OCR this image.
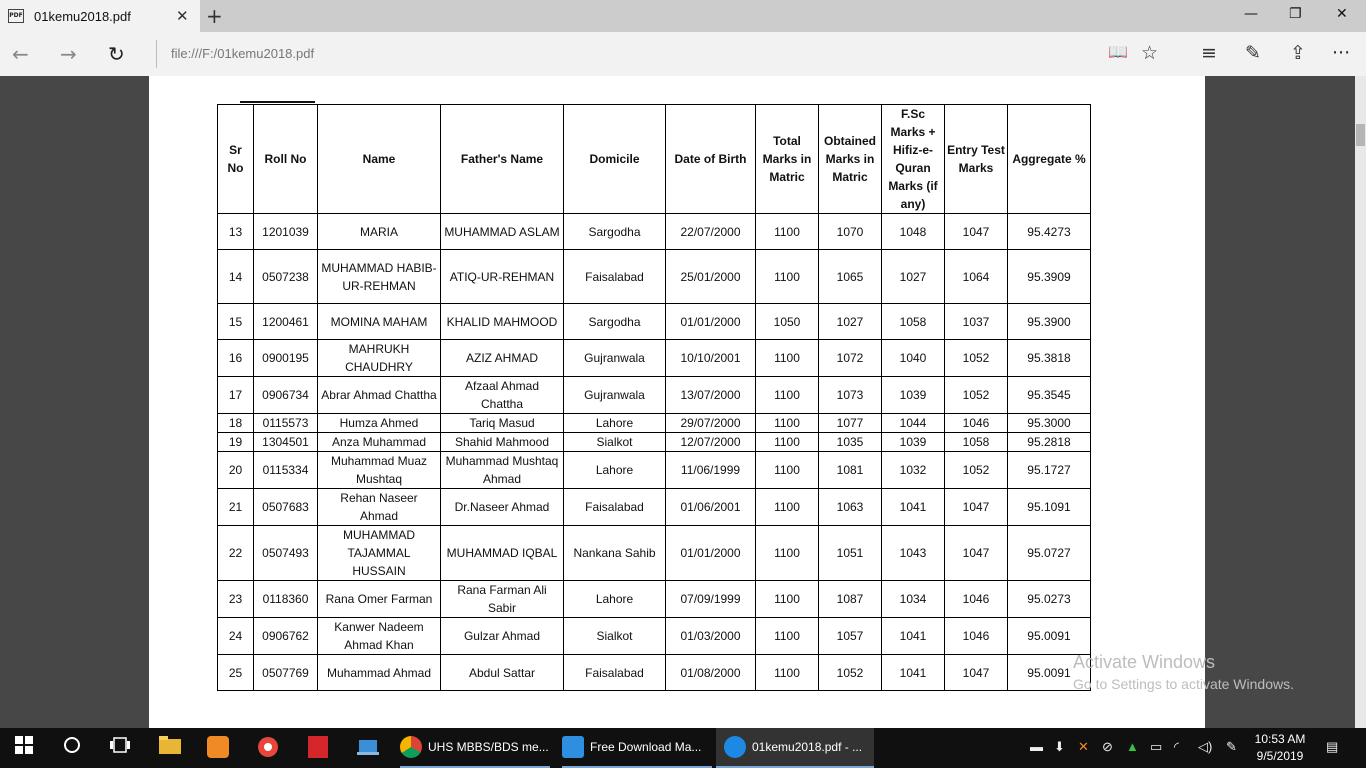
PDF 01kemu2018.pdf	✕ +	— ❐ ✕
← → ↻	file:///F:/01kemu2018.pdf	📖 ☆ ≡ ✎ ⇪ ···
Sr No	Roll No	Name	Father's Name	Domicile	Date of Birth	Total Marks in Matric	Obtained Marks in Matric	F.Sc Marks + Hifiz-e-Quran Marks (if any)	Entry Test Marks	Aggregate %
13	1201039	MARIA	MUHAMMAD ASLAM	Sargodha	22/07/2000	1100	1070	1048	1047	95.4273
14	0507238	MUHAMMAD HABIB-UR-REHMAN	ATIQ-UR-REHMAN	Faisalabad	25/01/2000	1100	1065	1027	1064	95.3909
15	1200461	MOMINA MAHAM	KHALID MAHMOOD	Sargodha	01/01/2000	1050	1027	1058	1037	95.3900
16	0900195	MAHRUKH CHAUDHRY	AZIZ AHMAD	Gujranwala	10/10/2001	1100	1072	1040	1052	95.3818
17	0906734	Abrar Ahmad Chattha	Afzaal Ahmad Chattha	Gujranwala	13/07/2000	1100	1073	1039	1052	95.3545
18	0115573	Humza Ahmed	Tariq Masud	Lahore	29/07/2000	1100	1077	1044	1046	95.3000
19	1304501	Anza Muhammad	Shahid Mahmood	Sialkot	12/07/2000	1100	1035	1039	1058	95.2818
20	0115334	Muhammad Muaz Mushtaq	Muhammad Mushtaq Ahmad	Lahore	11/06/1999	1100	1081	1032	1052	95.1727
21	0507683	Rehan Naseer Ahmad	Dr.Naseer Ahmad	Faisalabad	01/06/2001	1100	1063	1041	1047	95.1091
22	0507493	MUHAMMAD TAJAMMAL HUSSAIN	MUHAMMAD IQBAL	Nankana Sahib	01/01/2000	1100	1051	1043	1047	95.0727
23	0118360	Rana Omer Farman	Rana Farman Ali Sabir	Lahore	07/09/1999	1100	1087	1034	1046	95.0273
24	0906762	Kanwer Nadeem Ahmad Khan	Gulzar Ahmad	Sialkot	01/03/2000	1100	1057	1041	1046	95.0091
25	0507769	Muhammad Ahmad	Abdul Sattar	Faisalabad	01/08/2000	1100	1052	1041	1047	95.0091
Activate Windows
Go to Settings to activate Windows.
UHS MBBS/BDS me...	Free Download Ma...	01kemu2018.pdf - ...	▬ ⬇ ✕ ⊘ ▲ ▭ ◜ ◁) ✎	10:53 AM
9/5/2019
▤
